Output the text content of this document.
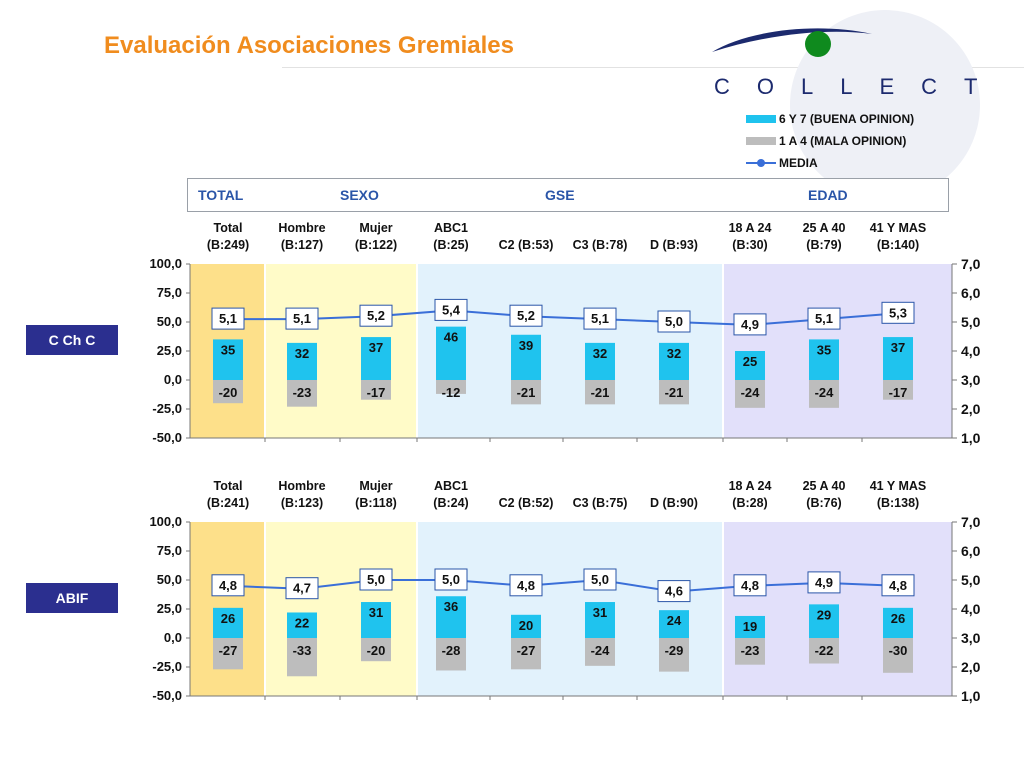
Evaluación Asociaciones Gremiales
COLLECT
6 Y 7 (BUENA OPINION)
1 A 4 (MALA OPINION)
MEDIA
TOTAL	SEXO	GSE	EDAD
C Ch C
ABIF
100,0
75,0
50,0
25,0
0,0
-25,0
-50,0
7,0
6,0
5,0
4,0
3,0
2,0
1,0
Total
(B:249)
Hombre
(B:127)
Mujer
(B:122)
ABC1
(B:25) C2 (B:53) C3 (B:78) D (B:93)
18 A 24
(B:30)
25 A 40
(B:79)
41 Y MAS
(B:140)
35
-20
32
-23
37
-17
46
-12
39
-21
32
-21
32
-21
25
-24
35
-24
37
-17
5,1	5,1	5,2	5,4	5,2	5,1	5,0	4,9	5,1	5,3
100,0
75,0
50,0
25,0
0,0
-25,0
-50,0
7,0
6,0
5,0
4,0
3,0
2,0
1,0
Total
(B:241)
Hombre
(B:123)
Mujer
(B:118)
ABC1
(B:24) C2 (B:52) C3 (B:75) D (B:90)
18 A 24
(B:28)
25 A 40
(B:76)
41 Y MAS
(B:138)
26
-27
22
-33
31
-20
36
-28
20
-27
31
-24
24
-29
19
-23
29
-22
26
-30
4,8	4,7
5,0	5,0	4,8	5,0
4,6	4,8	4,9	4,8
